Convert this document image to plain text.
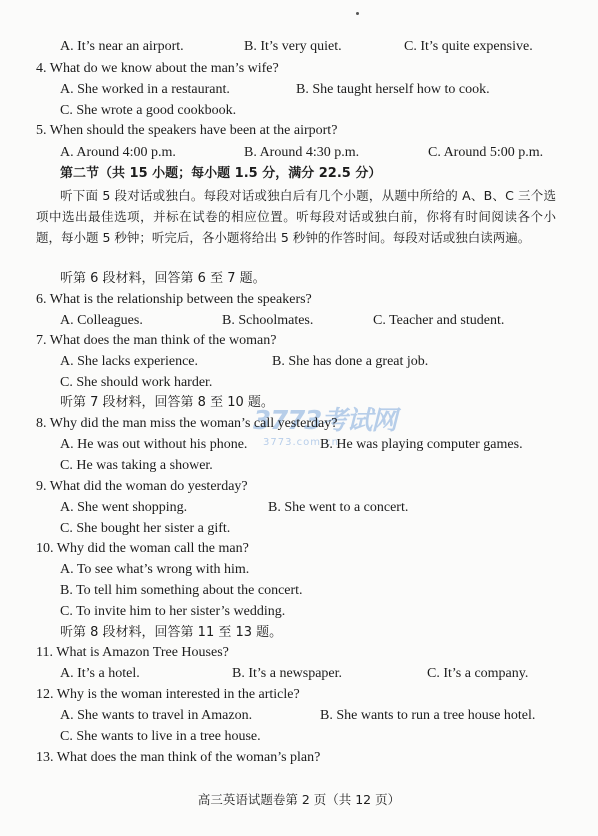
A. It’s near an airport.	B. It’s very quiet.	C. It’s quite expensive.
4. What do we know about the man’s wife?
A. She worked in a restaurant.	B. She taught herself how to cook.
C. She wrote a good cookbook.
5. When should the speakers have been at the airport?
A. Around 4:00 p.m.	B. Around 4:30 p.m.	C. Around 5:00 p.m.
第二节（共 15 小题；每小题 1.5 分，满分 22.5 分）
听下面 5 段对话或独白。每段对话或独白后有几个小题，从题中所给的 A、B、C 三个选项中选出最佳选项，并标在试卷的相应位置。听每段对话或独白前，你将有时间阅读各个小题，每小题 5 秒钟；听完后，各小题将给出 5 秒钟的作答时间。每段对话或独白读两遍。
听第 6 段材料，回答第 6 至 7 题。
6. What is the relationship between the speakers?
A. Colleagues.	B. Schoolmates.	C. Teacher and student.
7. What does the man think of the woman?
A. She lacks experience.	B. She has done a great job.
C. She should work harder.
听第 7 段材料，回答第 8 至 10 题。
3773考试网
3773.com.cn
8. Why did the man miss the woman’s call yesterday?
A. He was out without his phone.	B. He was playing computer games.
C. He was taking a shower.
9. What did the woman do yesterday?
A. She went shopping.	B. She went to a concert.
C. She bought her sister a gift.
10. Why did the woman call the man?
A. To see what’s wrong with him.
B. To tell him something about the concert.
C. To invite him to her sister’s wedding.
听第 8 段材料，回答第 11 至 13 题。
11. What is Amazon Tree Houses?
A. It’s a hotel.	B. It’s a newspaper.	C. It’s a company.
12. Why is the woman interested in the article?
A. She wants to travel in Amazon.	B. She wants to run a tree house hotel.
C. She wants to live in a tree house.
13. What does the man think of the woman’s plan?
高三英语试题卷第 2 页（共 12 页）
